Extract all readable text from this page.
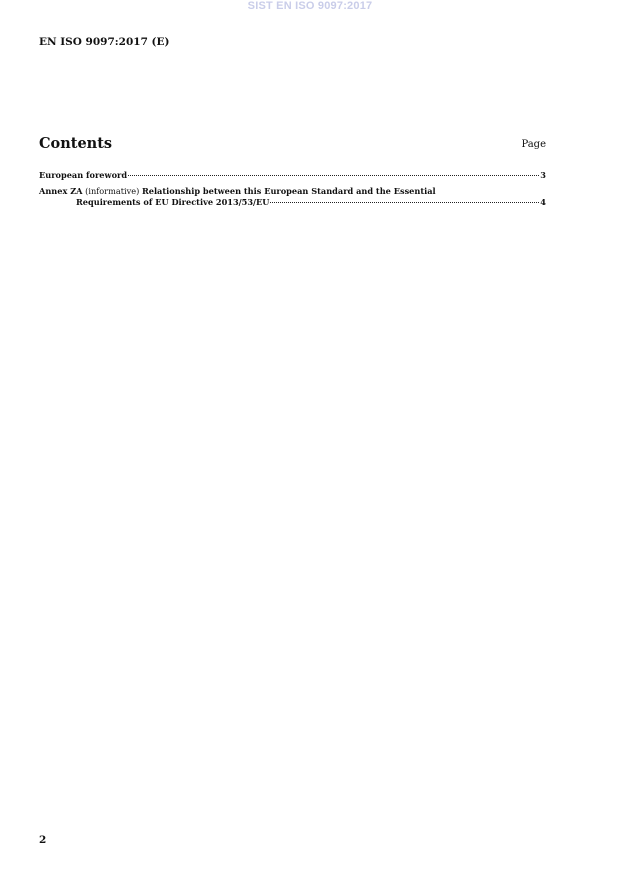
SIST EN ISO 9097:2017
EN ISO 9097:2017 (E)
Contents	Page
European foreword	3
Annex ZA (informative) Relationship between this European Standard and the Essential
Requirements of EU Directive 2013/53/EU	4
2
